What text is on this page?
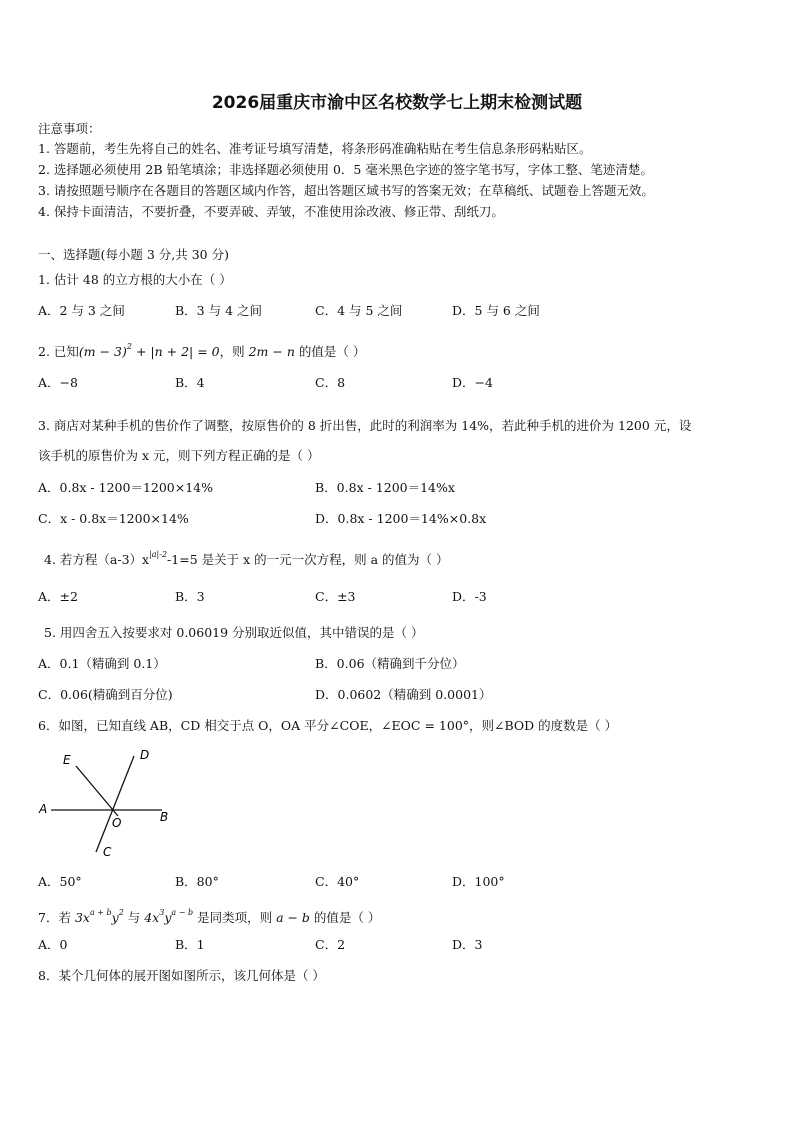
2026届重庆市渝中区名校数学七上期末检测试题
注意事项：
1. 答题前，考生先将自己的姓名、准考证号填写清楚，将条形码准确粘贴在考生信息条形码粘贴区。
2. 选择题必须使用 2B 铅笔填涂；非选择题必须使用 0．5 毫米黑色字迹的签字笔书写，字体工整、笔迹清楚。
3. 请按照题号顺序在各题目的答题区域内作答，超出答题区域书写的答案无效；在草稿纸、试题卷上答题无效。
4. 保持卡面清洁，不要折叠，不要弄破、弄皱，不准使用涂改液、修正带、刮纸刀。
一、选择题(每小题 3 分,共 30 分)
1. 估计 48 的立方根的大小在（ ）
A．2 与 3 之间	B．3 与 4 之间	C．4 与 5 之间	D．5 与 6 之间
2. 已知$(m - 3)^2 + |n + 2| = 0$，则 2m − n 的值是（ ）
A．−8	B．4	C．8	D．−4
3. 商店对某种手机的售价作了调整，按原售价的 8 折出售，此时的利润率为 14%，若此种手机的进价为 1200 元，设
该手机的原售价为 x 元，则下列方程正确的是（ ）
A．0.8x - 1200＝1200×14%	B．0.8x - 1200＝14%x
C．x - 0.8x＝1200×14%	D．0.8x - 1200＝14%×0.8x
4. 若方程$(a-3)x^{|a|-2}-1=5$ 是关于 x 的一元一次方程，则 a 的值为（ ）
A．±2	B．3	C．±3	D．-3
5. 用四舍五入按要求对 0.06019 分别取近似值，其中错误的是（ ）
A．0.1（精确到 0.1）	B．0.06（精确到千分位）
C．0.06(精确到百分位)	D．0.0602（精确到 0.0001）
6．如图，已知直线 AB，CD 相交于点 O，OA 平分∠COE，∠EOC = 100°，则∠BOD 的度数是（ ）
E	D
A
O	B
C
A．50°	B．80°	C．40°	D．100°
7．若 $3x^{a + b}y^2$ 与 $4x^3y^{a - b}$ 是同类项，则 a − b 的值是（ ）
A．0	B．1	C．2	D．3
8．某个几何体的展开图如图所示，该几何体是（ ）
